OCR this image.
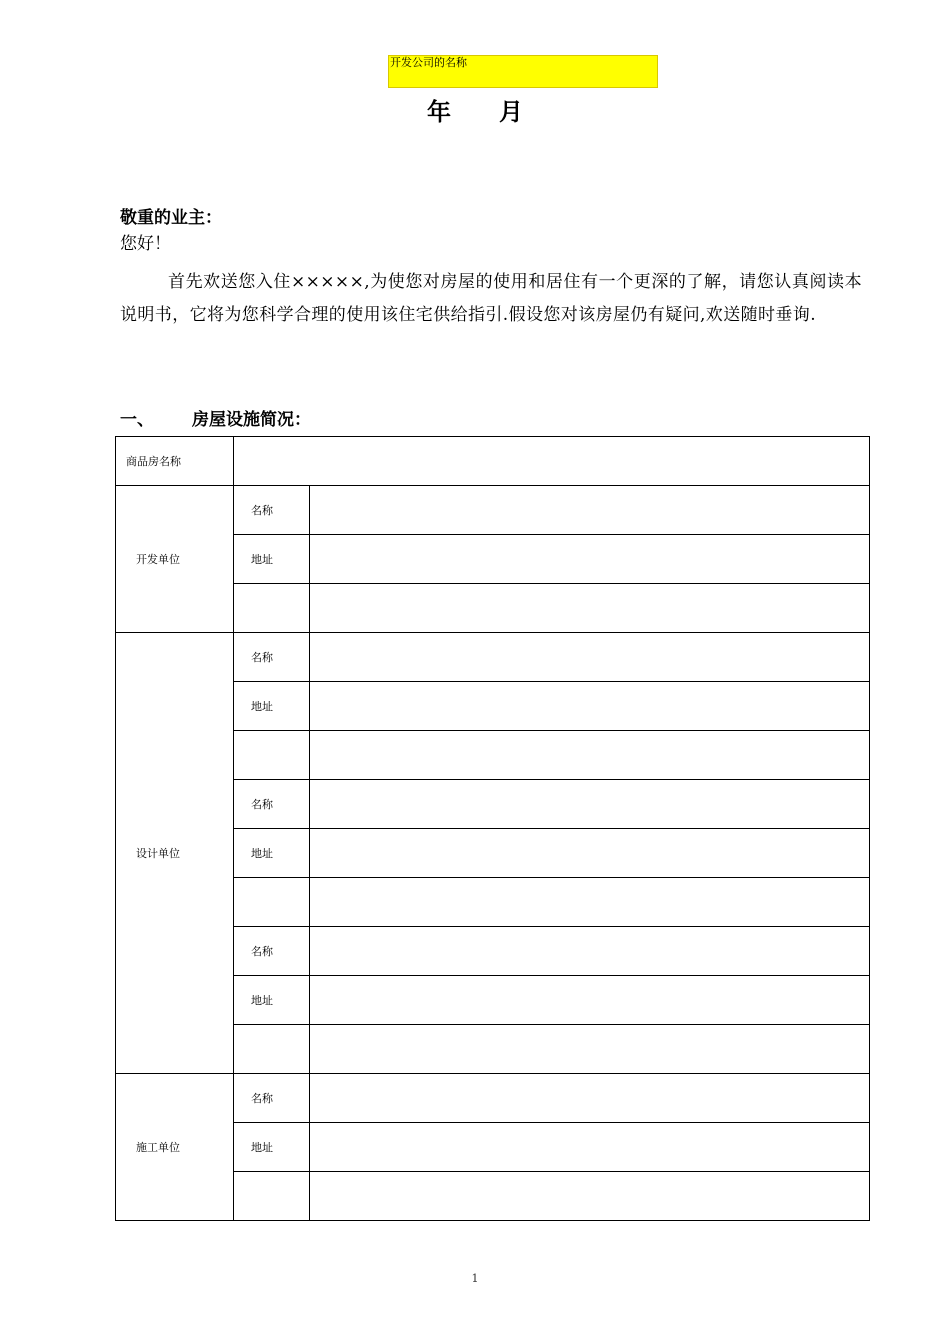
开发公司的名称
年 月
敬重的业主：
您好！
首先欢送您入住×××××,为使您对房屋的使用和居住有一个更深的了解，请您认真阅读本说明书，它将为您科学合理的使用该住宅供给指引.假设您对该房屋仍有疑问,欢送随时垂询.
一、 房屋设施简况：
商品房名称		
开发单位	名称	
	地址	

设计单位	名称	
	地址	

	名称	
	地址	

	名称	
	地址	

施工单位	名称	
	地址	

1
